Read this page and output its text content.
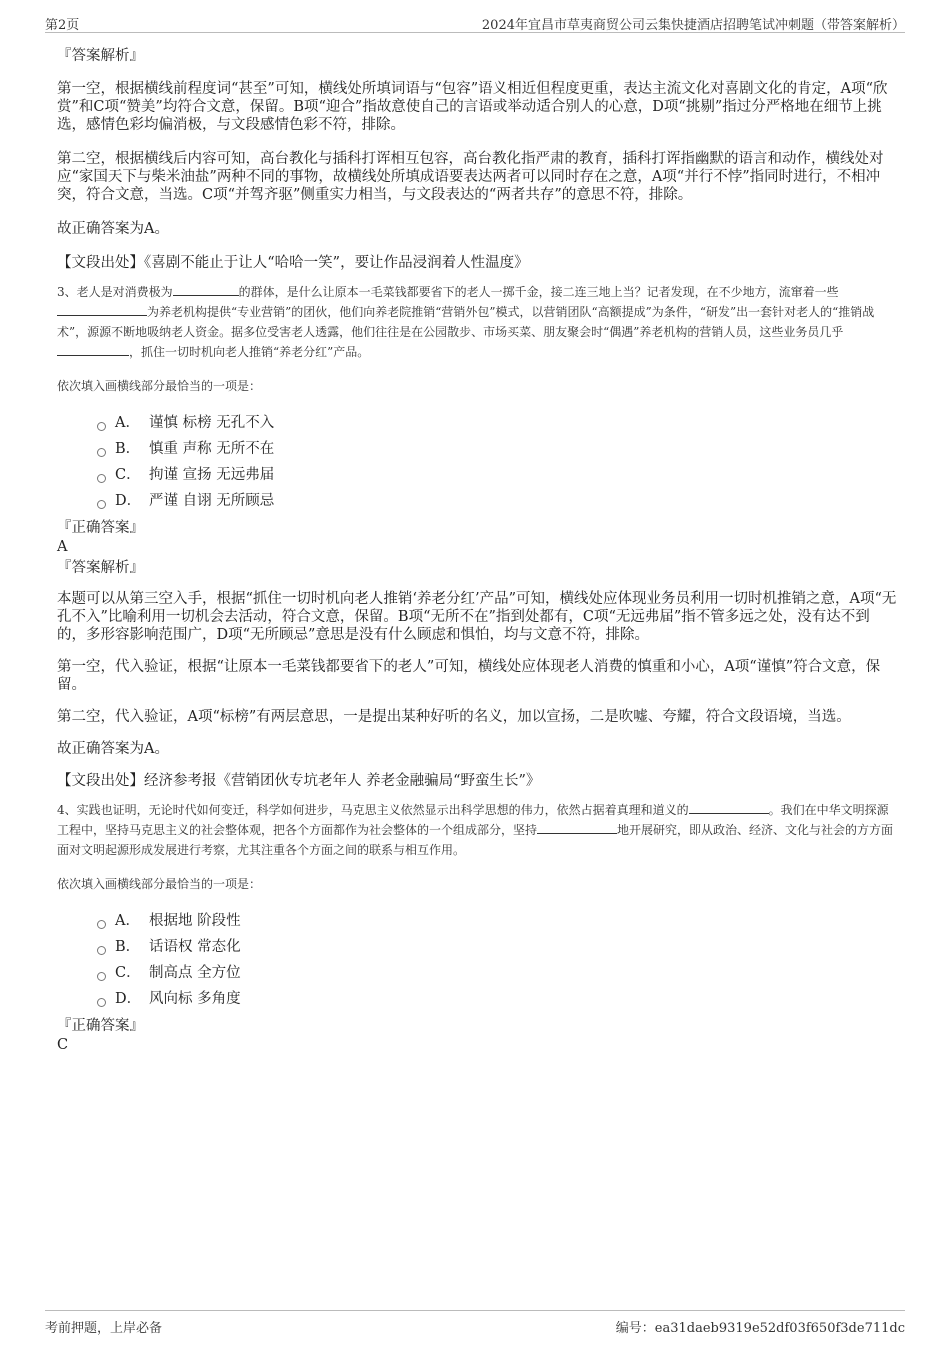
第2页	2024年宜昌市草夷商贸公司云集快捷酒店招聘笔试冲刺题（带答案解析）

『答案解析』

第一空，根据横线前程度词“甚至”可知，横线处所填词语与“包容”语义相近但程度更重，表达主流文化对喜剧文化的肯定，A项“欣赏”和C项“赞美”均符合文意，保留。B项“迎合”指故意使自己的言语或举动适合别人的心意，D项“挑剔”指过分严格地在细节上挑选，感情色彩均偏消极，与文段感情色彩不符，排除。

第二空，根据横线后内容可知，高台教化与插科打诨相互包容，高台教化指严肃的教育，插科打诨指幽默的语言和动作，横线处对应“家国天下与柴米油盐”两种不同的事物，故横线处所填成语要表达两者可以同时存在之意，A项“并行不悖”指同时进行，不相冲突，符合文意，当选。C项“并驾齐驱”侧重实力相当，与文段表达的“两者共存”的意思不符，排除。

故正确答案为A。

【文段出处】《喜剧不能止于让人“哈哈一笑”，要让作品浸润着人性温度》

3、老人是对消费极为	的群体，是什么让原本一毛菜钱都要省下的老人一掷千金，接二连三地上当？记者发现，在不少地方，流窜着一些为养老机构提供“专业营销”的团伙，他们向养老院推销“营销外包”模式，以营销团队“高额提成”为条件，“研发”出一套针对老人的“推销战术”，源源不断地吸纳老人资金。据多位受害老人透露，他们往往是在公园散步、市场买菜、朋友聚会时“偶遇”养老机构的营销人员，这些业务员几乎，抓住一切时机向老人推销“养老分红”产品。

依次填入画横线部分最恰当的一项是：

A． 谨慎 标榜 无孔不入
B． 慎重 声称 无所不在
C． 拘谨 宣扬 无远弗届
D． 严谨 自诩 无所顾忌

『正确答案』

A

『答案解析』

本题可以从第三空入手，根据“抓住一切时机向老人推销‘养老分红’产品”可知，横线处应体现业务员利用一切时机推销之意，A项“无孔不入”比喻利用一切机会去活动，符合文意，保留。B项“无所不在”指到处都有，C项“无远弗届”指不管多远之处，没有达不到的，多形容影响范围广，D项“无所顾忌”意思是没有什么顾虑和惧怕，均与文意不符，排除。

第一空，代入验证，根据“让原本一毛菜钱都要省下的老人”可知，横线处应体现老人消费的慎重和小心，A项“谨慎”符合文意，保留。

第二空，代入验证，A项“标榜”有两层意思，一是提出某种好听的名义，加以宣扬，二是吹嘘、夸耀，符合文段语境，当选。

故正确答案为A。

【文段出处】经济参考报《营销团伙专坑老年人 养老金融骗局“野蛮生长”》

4、实践也证明，无论时代如何变迁，科学如何进步，马克思主义依然显示出科学思想的伟力，依然占据着真理和道义的	。我们在中华文明探源工程中，坚持马克思主义的社会整体观，把各个方面都作为社会整体的一个组成部分，坚持	地开展研究，即从政治、经济、文化与社会的方方面面对文明起源形成发展进行考察，尤其注重各个方面之间的联系与相互作用。

依次填入画横线部分最恰当的一项是：

A． 根据地 阶段性
B． 话语权 常态化
C． 制高点 全方位
D． 风向标 多角度

『正确答案』

C

考前押题，上岸必备	编号：ea31daeb9319e52df03f650f3de711dc
